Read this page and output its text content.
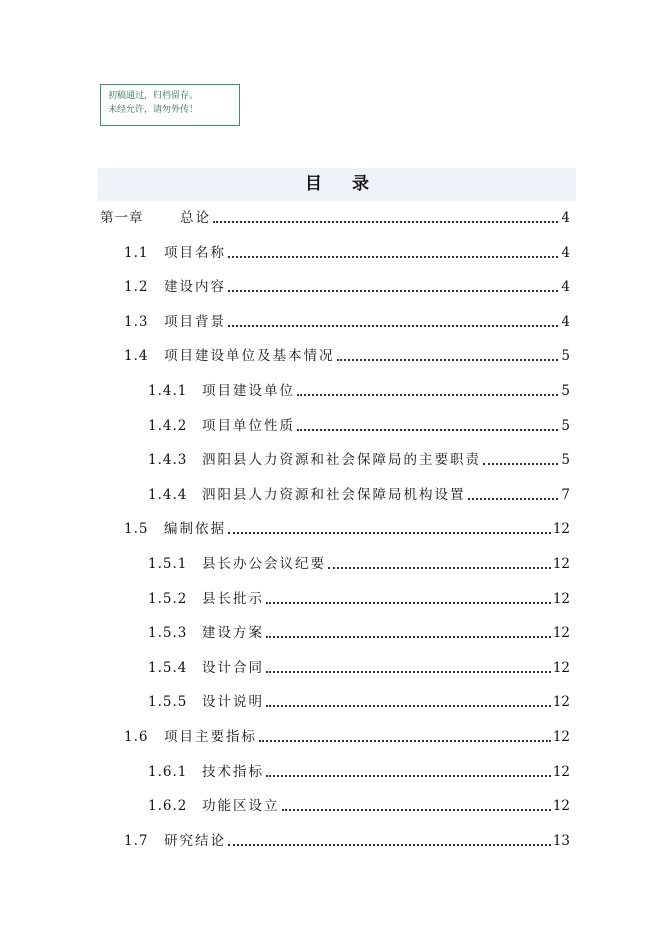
初稿通过，归档留存。
未经允许，请勿外传！
目录
第一章	总论	4
1.1	项目名称	4
1.2	建设内容	4
1.3	项目背景	4
1.4	项目建设单位及基本情况	5
1.4.1	项目建设单位	5
1.4.2	项目单位性质	5
1.4.3	泗阳县人力资源和社会保障局的主要职责	5
1.4.4	泗阳县人力资源和社会保障局机构设置	7
1.5	编制依据	12
1.5.1	县长办公会议纪要	12
1.5.2	县长批示	12
1.5.3	建设方案	12
1.5.4	设计合同	12
1.5.5	设计说明	12
1.6	项目主要指标	12
1.6.1	技术指标	12
1.6.2	功能区设立	12
1.7	研究结论	13
